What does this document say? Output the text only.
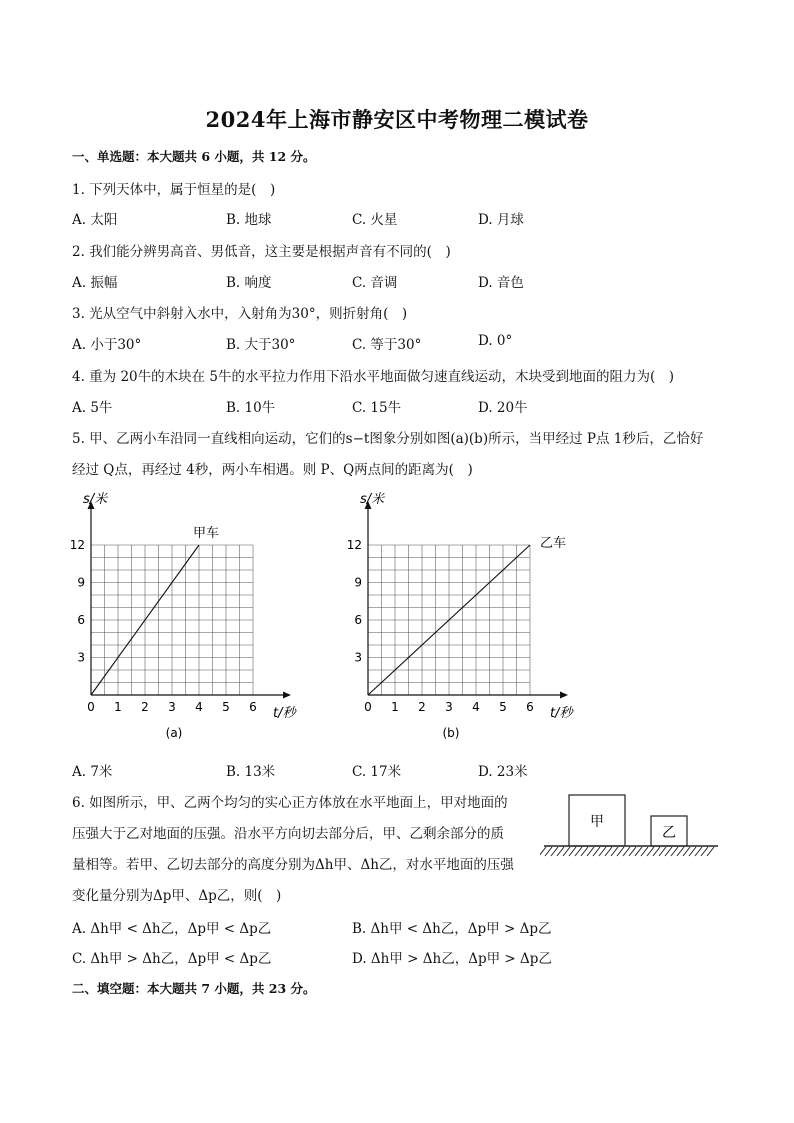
2024年上海市静安区中考物理二模试卷
一、单选题：本大题共 6 小题，共 12 分。
1. 下列天体中，属于恒星的是(　)
A. 太阳	B. 地球	C. 火星	D. 月球
2. 我们能分辨男高音、男低音，这主要是根据声音有不同的(　)
A. 振幅	B. 响度	C. 音调	D. 音色
3. 光从空气中斜射入水中，入射角为30°，则折射角(　)
A. 小于30°	B. 大于30°	C. 等于30°	D. 0°
4. 重为 20牛的木块在 5牛的水平拉力作用下沿水平地面做匀速直线运动，木块受到地面的阻力为(　)
A. 5牛	B. 10牛	C. 15牛	D. 20牛
5. 甲、乙两小车沿同一直线相向运动，它们的s−t图象分别如图(a)(b)所示，当甲经过 P点 1秒后，乙恰好
经过 Q点，再经过 4秒，两小车相遇。则 P、Q两点间的距离为(　)
0 1 2 3 4 5 6
3
6
9
12
s/米
t/秒
甲车
(a)
0 1 2 3 4 5 6
3
6
9
12
s/米
t/秒
乙车
(b)
A. 7米	B. 13米	C. 17米	D. 23米
6. 如图所示，甲、乙两个均匀的实心正方体放在水平地面上，甲对地面的
压强大于乙对地面的压强。沿水平方向切去部分后，甲、乙剩余部分的质
量相等。若甲、乙切去部分的高度分别为Δh甲、Δh乙，对水平地面的压强
变化量分别为Δp甲、Δp乙，则(　)
甲
乙
A. Δh甲 < Δh乙，Δp甲 < Δp乙	B. Δh甲 < Δh乙，Δp甲 > Δp乙
C. Δh甲 > Δh乙，Δp甲 < Δp乙	D. Δh甲 > Δh乙，Δp甲 > Δp乙
二、填空题：本大题共 7 小题，共 23 分。
